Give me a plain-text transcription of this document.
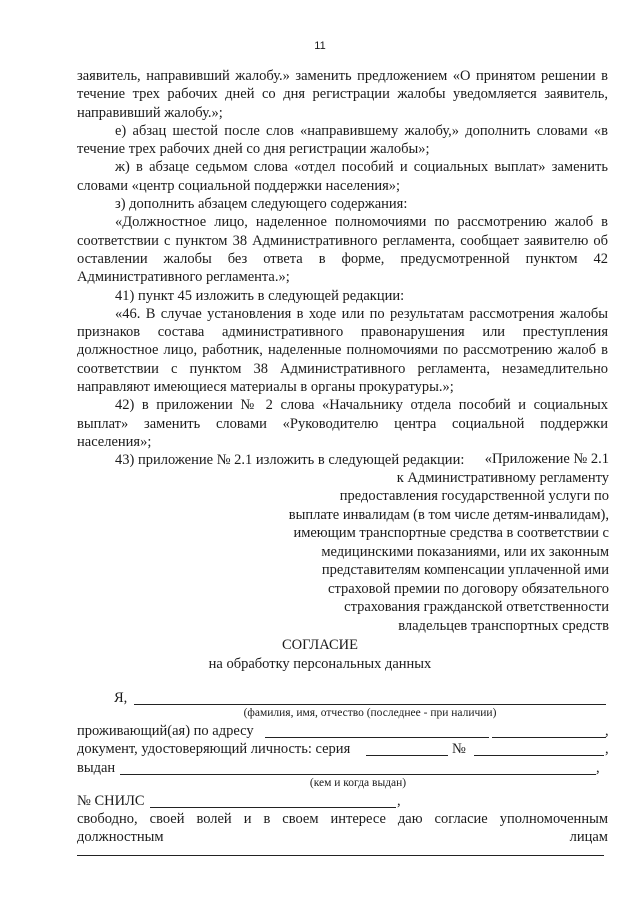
11

заявитель, направивший жалобу.» заменить предложением «О принятом решении в течение трех рабочих дней со дня регистрации жалобы уведомляется заявитель, направивший жалобу.»;

е) абзац шестой после слов «направившему жалобу,» дополнить словами «в течение трех рабочих дней со дня регистрации жалобы»;

ж) в абзаце седьмом слова «отдел пособий и социальных выплат» заменить словами «центр социальной поддержки населения»;

з) дополнить абзацем следующего содержания:

«Должностное лицо, наделенное полномочиями по рассмотрению жалоб в соответствии с пунктом 38 Административного регламента, сообщает заявителю об оставлении жалобы без ответа в форме, предусмотренной пунктом 42 Административного регламента.»;

41) пункт 45 изложить в следующей редакции:

«46. В случае установления в ходе или по результатам рассмотрения жалобы признаков состава административного правонарушения или преступления должностное лицо, работник, наделенные полномочиями по рассмотрению жалоб в соответствии с пунктом 38 Административного регламента, незамедлительно направляют имеющиеся материалы в органы прокуратуры.»;

42) в приложении № 2 слова «Начальнику отдела пособий и социальных выплат» заменить словами «Руководителю центра социальной поддержки населения»;

43) приложение № 2.1 изложить в следующей редакции:	«Приложение № 2.1
к Административному регламенту
предоставления государственной услуги по
выплате инвалидам (в том числе детям-инвалидам),
имеющим транспортные средства в соответствии с
медицинскими показаниями, или их законным
представителям компенсации уплаченной ими
страховой премии по договору обязательного
страхования гражданской ответственности
владельцев транспортных средств
СОГЛАСИЕ
на обработку персональных данных
Я,
(фамилия, имя, отчество (последнее - при наличии)
проживающий(ая) по адресу	,
документ, удостоверяющий личность: серия	№	,
выдан	,
(кем и когда выдан)
№ СНИЛС	,
свободно, своей волей и в своем интересе даю согласие уполномоченным должностным лицам
